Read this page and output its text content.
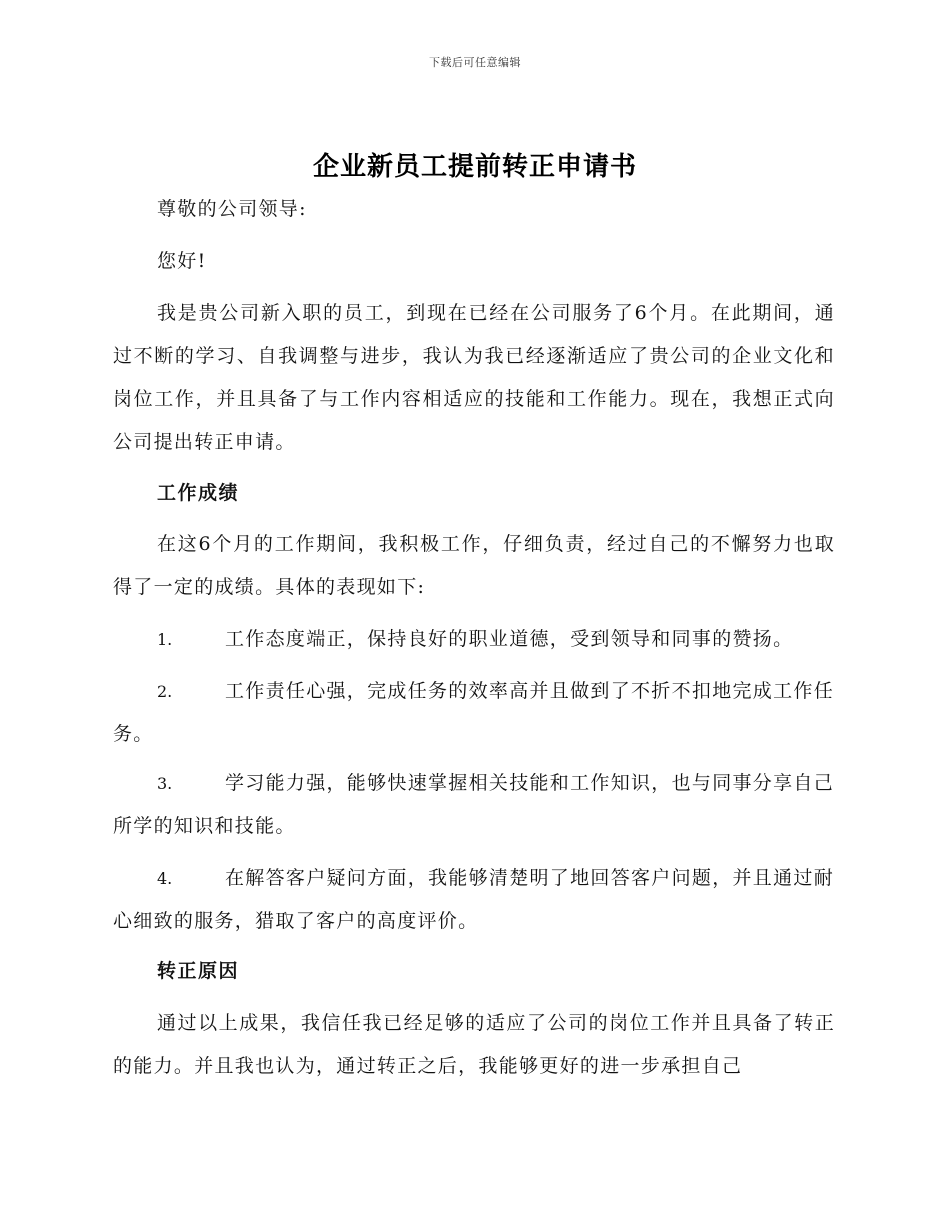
下载后可任意编辑
企业新员工提前转正申请书

尊敬的公司领导:

您好!

我是贵公司新入职的员工，到现在已经在公司服务了6个月。在此期间，通过不断的学习、自我调整与进步，我认为我已经逐渐适应了贵公司的企业文化和岗位工作，并且具备了与工作内容相适应的技能和工作能力。现在，我想正式向公司提出转正申请。

工作成绩

在这6个月的工作期间，我积极工作，仔细负责，经过自己的不懈努力也取得了一定的成绩。具体的表现如下:

1.	工作态度端正，保持良好的职业道德，受到领导和同事的赞扬。

2.	工作责任心强，完成任务的效率高并且做到了不折不扣地完成工作任务。

3.	学习能力强，能够快速掌握相关技能和工作知识，也与同事分享自己所学的知识和技能。

4.	在解答客户疑问方面，我能够清楚明了地回答客户问题，并且通过耐心细致的服务，猎取了客户的高度评价。

转正原因

通过以上成果，我信任我已经足够的适应了公司的岗位工作并且具备了转正的能力。并且我也认为，通过转正之后，我能够更好的进一步承担自己
